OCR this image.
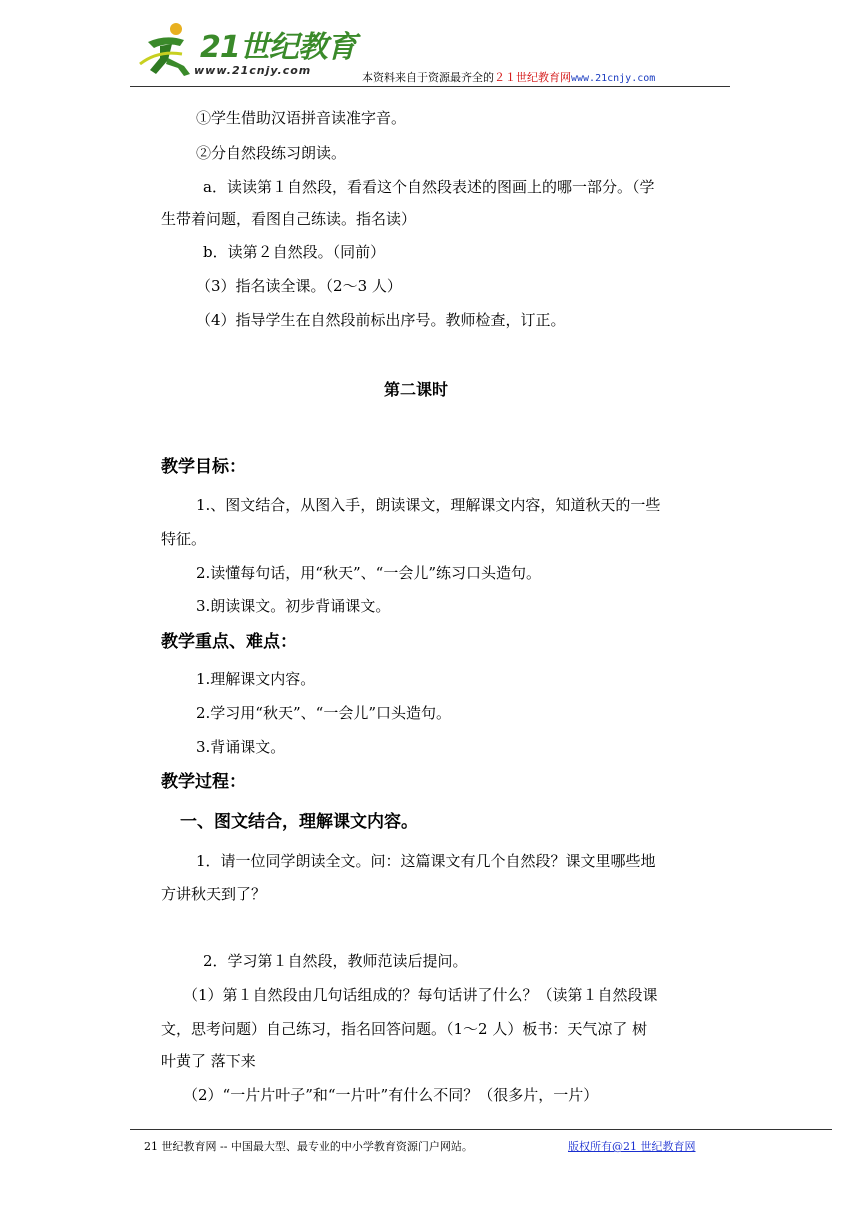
21世纪教育
www.21cnjy.com
本资料来自于资源最齐全的２１世纪教育网www.21cnjy.com
①学生借助汉语拼音读准字音。
②分自然段练习朗读。
a．读读第１自然段，看看这个自然段表述的图画上的哪一部分。（学
生带着问题，看图自己练读。指名读）
b．读第２自然段。（同前）
（3）指名读全课。（2～3 人）
（4）指导学生在自然段前标出序号。教师检查，订正。
第二课时
教学目标：
1.、图文结合，从图入手，朗读课文，理解课文内容，知道秋天的一些
特征。
2.读懂每句话，用“秋天”、“一会儿”练习口头造句。
3.朗读课文。初步背诵课文。
教学重点、难点：
1.理解课文内容。
2.学习用“秋天”、“一会儿”口头造句。
3.背诵课文。
教学过程：
一、图文结合，理解课文内容。
1．请一位同学朗读全文。问：这篇课文有几个自然段？课文里哪些地
方讲秋天到了？
2．学习第１自然段，教师范读后提问。
（1）第１自然段由几句话组成的？每句话讲了什么？（读第１自然段课
文，思考问题）自己练习，指名回答问题。（1～2 人）板书：天气凉了 树
叶黄了 落下来
（2）“一片片叶子”和“一片叶”有什么不同？（很多片，一片）
21 世纪教育网 -- 中国最大型、最专业的中小学教育资源门户网站。	版权所有@21 世纪教育网
